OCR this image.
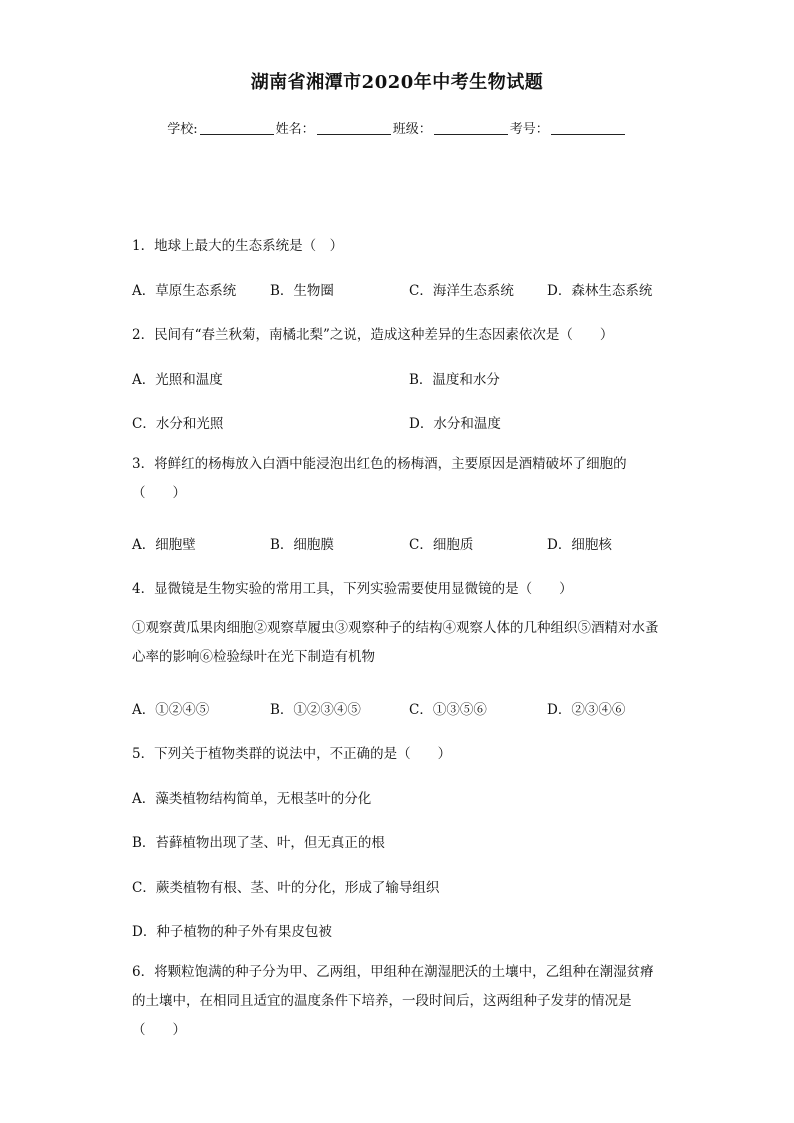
湖南省湘潭市2020年中考生物试题
学校:	姓名：	班级：	考号：
1．地球上最大的生态系统是（　）
A．草原生态系统	B．生物圈	C．海洋生态系统 D．森林生态系统
2．民间有“春兰秋菊，南橘北梨”之说，造成这种差异的生态因素依次是（　　）
A．光照和温度	B．温度和水分
C．水分和光照	D．水分和温度
3．将鲜红的杨梅放入白酒中能浸泡出红色的杨梅酒，主要原因是酒精破坏了细胞的（　　）
A．细胞壁	B．细胞膜	C．细胞质	D．细胞核
4．显微镜是生物实验的常用工具，下列实验需要使用显微镜的是（　　）
①观察黄瓜果肉细胞②观察草履虫③观察种子的结构④观察人体的几种组织⑤酒精对水蚤心率的影响⑥检验绿叶在光下制造有机物
A．①②④⑤	B．①②③④⑤	C．①③⑤⑥	D．②③④⑥
5．下列关于植物类群的说法中，不正确的是（　　）
A．藻类植物结构简单，无根茎叶的分化
B．苔藓植物出现了茎、叶，但无真正的根
C．蕨类植物有根、茎、叶的分化，形成了输导组织
D．种子植物的种子外有果皮包被
6．将颗粒饱满的种子分为甲、乙两组，甲组种在潮湿肥沃的土壤中，乙组种在潮湿贫瘠的土壤中，在相同且适宜的温度条件下培养，一段时间后，这两组种子发芽的情况是（　　）
